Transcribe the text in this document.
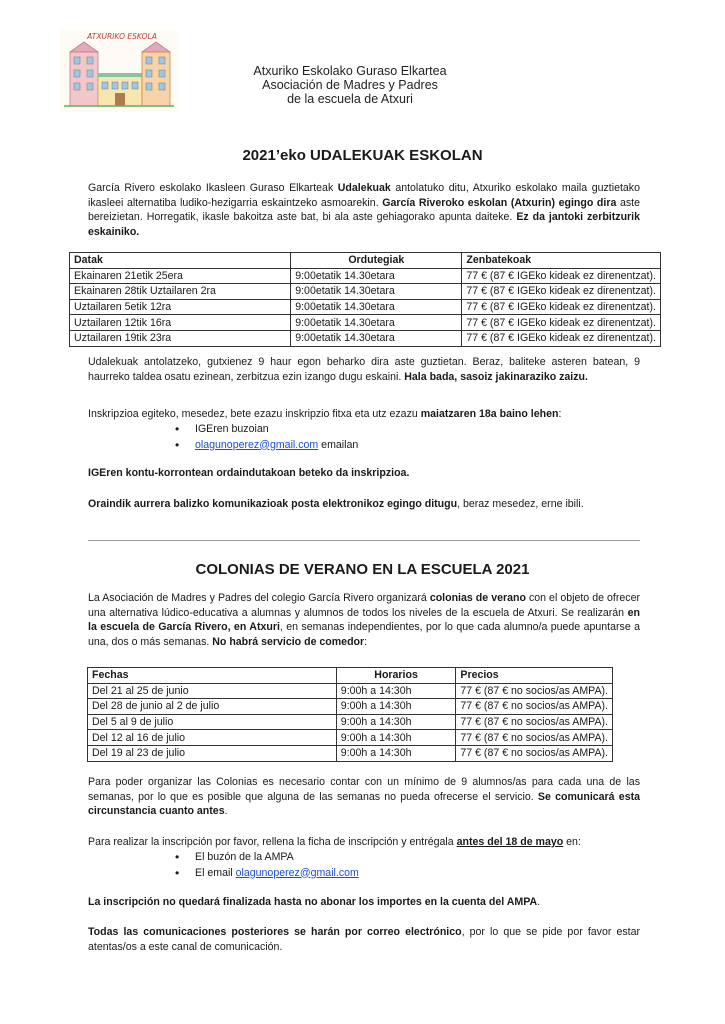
ATXURIKO ESKOLA
Atxuriko Eskolako Guraso Elkartea
Asociación de Madres y Padres
de la escuela de Atxuri
2021’eko UDALEKUAK ESKOLAN
García Rivero eskolako Ikasleen Guraso Elkarteak Udalekuak antolatuko ditu, Atxuriko eskolako maila guztietako ikasleei alternatiba ludiko-hezigarria eskaintzeko asmoarekin. García Riveroko eskolan (Atxurin) egingo dira aste bereizietan. Horregatik, ikasle bakoitza aste bat, bi ala aste gehiagorako apunta daiteke. Ez da jantoki zerbitzurik eskainiko.
Datak	Ordutegiak	Zenbatekoak
Ekainaren 21etik 25era	9:00etatik 14.30etara	77 € (87 € IGEko kideak ez direnentzat).
Ekainaren 28tik Uztailaren 2ra	9:00etatik 14.30etara	77 € (87 € IGEko kideak ez direnentzat).
Uztailaren 5etik 12ra	9:00etatik 14.30etara	77 € (87 € IGEko kideak ez direnentzat).
Uztailaren 12tik 16ra	9:00etatik 14.30etara	77 € (87 € IGEko kideak ez direnentzat).
Uztailaren 19tik 23ra	9:00etatik 14.30etara	77 € (87 € IGEko kideak ez direnentzat).
Udalekuak antolatzeko, gutxienez 9 haur egon beharko dira aste guztietan. Beraz, baliteke asteren batean, 9 haurreko taldea osatu ezinean, zerbitzua ezin izango dugu eskaini. Hala bada, sasoiz jakinaraziko zaizu.
Inskripzioa egiteko, mesedez, bete ezazu inskripzio fitxa eta utz ezazu maiatzaren 18a baino lehen:
• IGEren buzoian
• olagunoperez@gmail.com emailan
IGEren kontu-korrontean ordaindutakoan beteko da inskripzioa.
Oraindik aurrera balizko komunikazioak posta elektronikoz egingo ditugu, beraz mesedez, erne ibili.
COLONIAS DE VERANO EN LA ESCUELA 2021
La Asociación de Madres y Padres del colegio García Rivero organizará colonias de verano con el objeto de ofrecer una alternativa lúdico-educativa a alumnas y alumnos de todos los niveles de la escuela de Atxuri. Se realizarán en la escuela de García Rivero, en Atxuri, en semanas independientes, por lo que cada alumno/a puede apuntarse a una, dos o más semanas. No habrá servicio de comedor:
Fechas	Horarios	Precios
Del 21 al 25 de junio	9:00h a 14:30h	77 € (87 € no socios/as AMPA).
Del 28 de junio al 2 de julio	9:00h a 14:30h	77 € (87 € no socios/as AMPA).
Del 5 al 9 de julio	9:00h a 14:30h	77 € (87 € no socios/as AMPA).
Del 12 al 16 de julio	9:00h a 14:30h	77 € (87 € no socios/as AMPA).
Del 19 al 23 de julio	9:00h a 14:30h	77 € (87 € no socios/as AMPA).
Para poder organizar las Colonias es necesario contar con un mínimo de 9 alumnos/as para cada una de las semanas, por lo que es posible que alguna de las semanas no pueda ofrecerse el servicio. Se comunicará esta circunstancia cuanto antes.
Para realizar la inscripción por favor, rellena la ficha de inscripción y entrégala antes del 18 de mayo en:
• El buzón de la AMPA
• El email olagunoperez@gmail.com
La inscripción no quedará finalizada hasta no abonar los importes en la cuenta del AMPA.
Todas las comunicaciones posteriores se harán por correo electrónico, por lo que se pide por favor estar atentas/os a este canal de comunicación.
